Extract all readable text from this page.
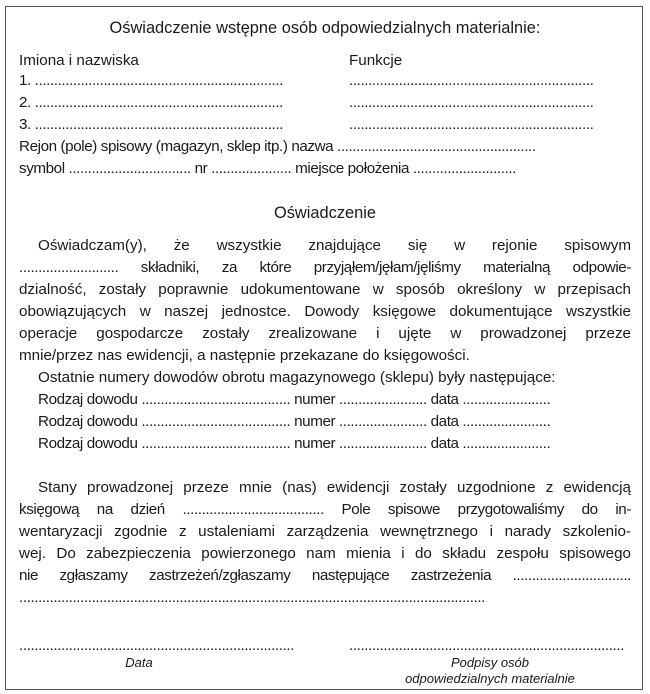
Oświadczenie wstępne osób odpowiedzialnych materialnie:
Imiona i nazwiska	Funkcje
1. .................................................................	................................................................
2. .................................................................	................................................................
3. .................................................................	................................................................
Rejon (pole) spisowy (magazyn, sklep itp.) nazwa ....................................................
symbol ................................ nr ..................... miejsce położenia ...........................
Oświadczenie
Oświadczam(y), że wszystkie znajdujące się w rejonie spisowym
.......................... składniki, za które przyjąłem/jęłam/jęliśmy materialną odpowie-
dzialność, zostały poprawnie udokumentowane w sposób określony w przepisach
obowiązujących w naszej jednostce. Dowody księgowe dokumentujące wszystkie
operacje gospodarcze zostały zrealizowane i ujęte w prowadzonej przeze
mnie/przez nas ewidencji, a następnie przekazane do księgowości.
Ostatnie numery dowodów obrotu magazynowego (sklepu) były następujące:
Rodzaj dowodu ....................................... numer ....................... data .......................
Rodzaj dowodu ....................................... numer ....................... data .......................
Rodzaj dowodu ....................................... numer ....................... data .......................
Stany prowadzonej przeze mnie (nas) ewidencji zostały uzgodnione z ewidencją
księgową na dzień ..................................... Pole spisowe przygotowaliśmy do in-
wentaryzacji zgodnie z ustaleniami zarządzenia wewnętrznego i narady szkolenio-
wej. Do zabezpieczenia powierzonego nam mienia i do składu zespołu spisowego
nie zgłaszamy zastrzeżeń/zgłaszamy następujące zastrzeżenia ...............................
..........................................................................................................................
........................................................................	........................................................................
Data	Podpisy osób
odpowiedzialnych materialnie
